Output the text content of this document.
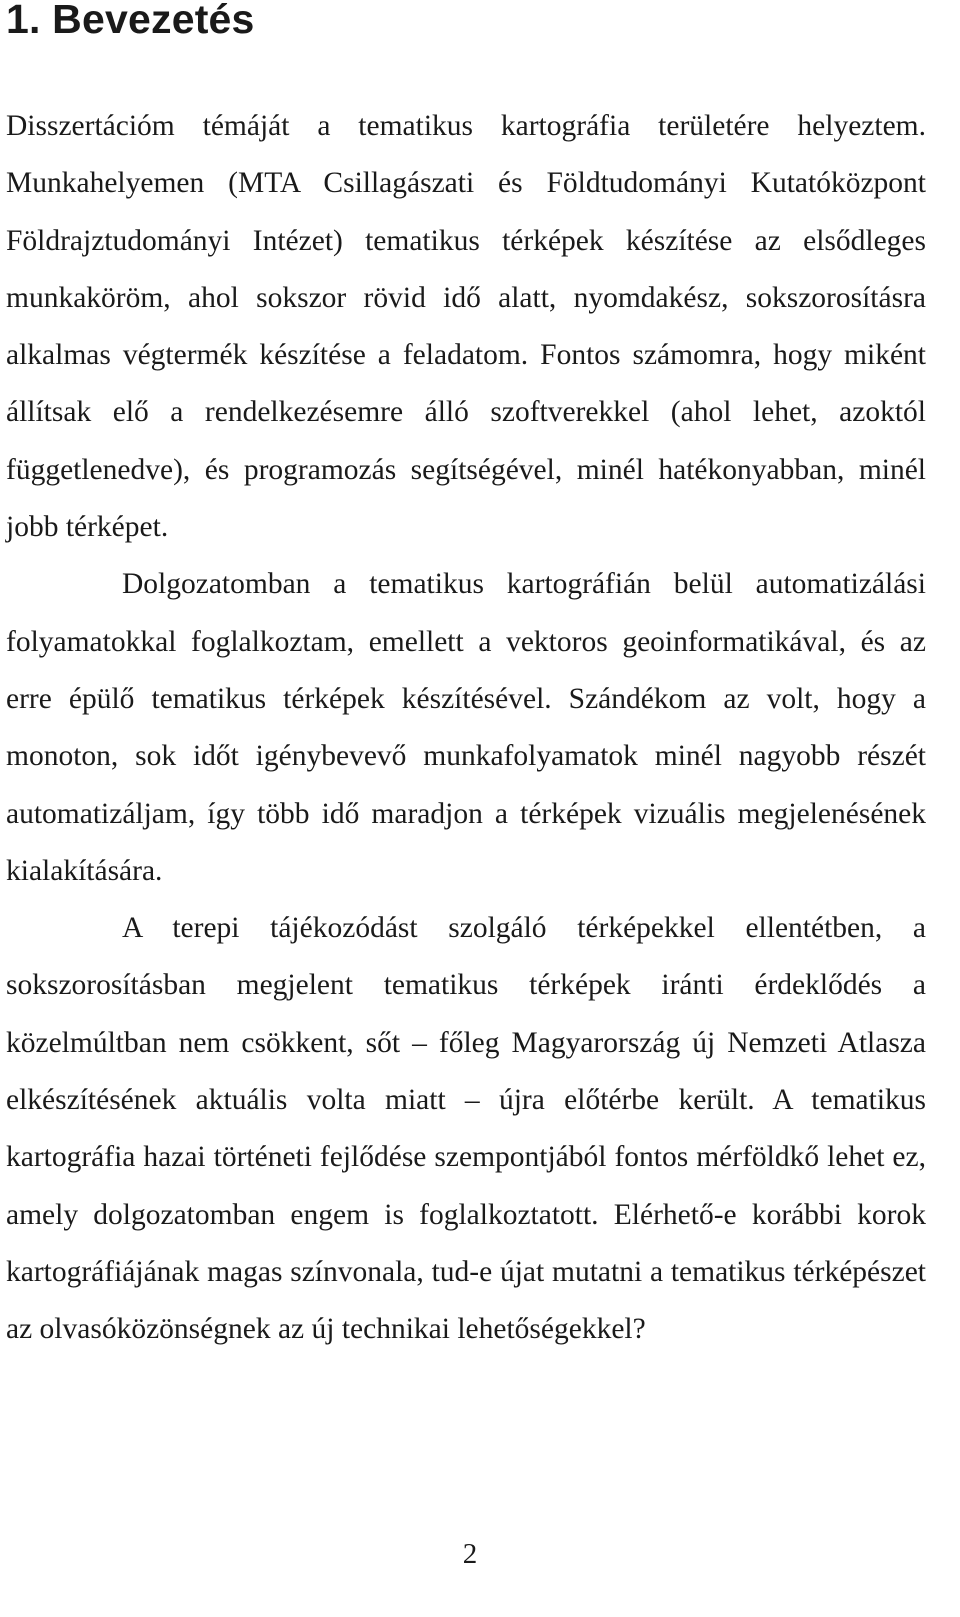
1. Bevezetés

Disszertációm témáját a tematikus kartográfia területére helyeztem. Munkahelyemen (MTA Csillagászati és Földtudományi Kutatóközpont Földrajztudományi Intézet) tematikus térképek készítése az elsődleges munkaköröm, ahol sokszor rövid idő alatt, nyomdakész, sokszorosításra alkalmas végtermék készítése a feladatom. Fontos számomra, hogy miként állítsak elő a rendelkezésemre álló szoftverekkel (ahol lehet, azoktól függetlenedve), és programozás segítségével, minél hatékonyabban, minél jobb térképet.

Dolgozatomban a tematikus kartográfián belül automatizálási folyamatokkal foglalkoztam, emellett a vektoros geoinformatikával, és az erre épülő tematikus térképek készítésével. Szándékom az volt, hogy a monoton, sok időt igénybevevő munkafolyamatok minél nagyobb részét automatizáljam, így több idő maradjon a térképek vizuális megjelenésének kialakítására.

A terepi tájékozódást szolgáló térképekkel ellentétben, a sokszorosításban megjelent tematikus térképek iránti érdeklődés a közelmúltban nem csökkent, sőt – főleg Magyarország új Nemzeti Atlasza elkészítésének aktuális volta miatt – újra előtérbe került. A tematikus kartográfia hazai történeti fejlődése szempontjából fontos mérföldkő lehet ez, amely dolgozatomban engem is foglalkoztatott. Elérhető-e korábbi korok kartográfiájának magas színvonala, tud-e újat mutatni a tematikus térképészet az olvasóközönségnek az új technikai lehetőségekkel?

2
